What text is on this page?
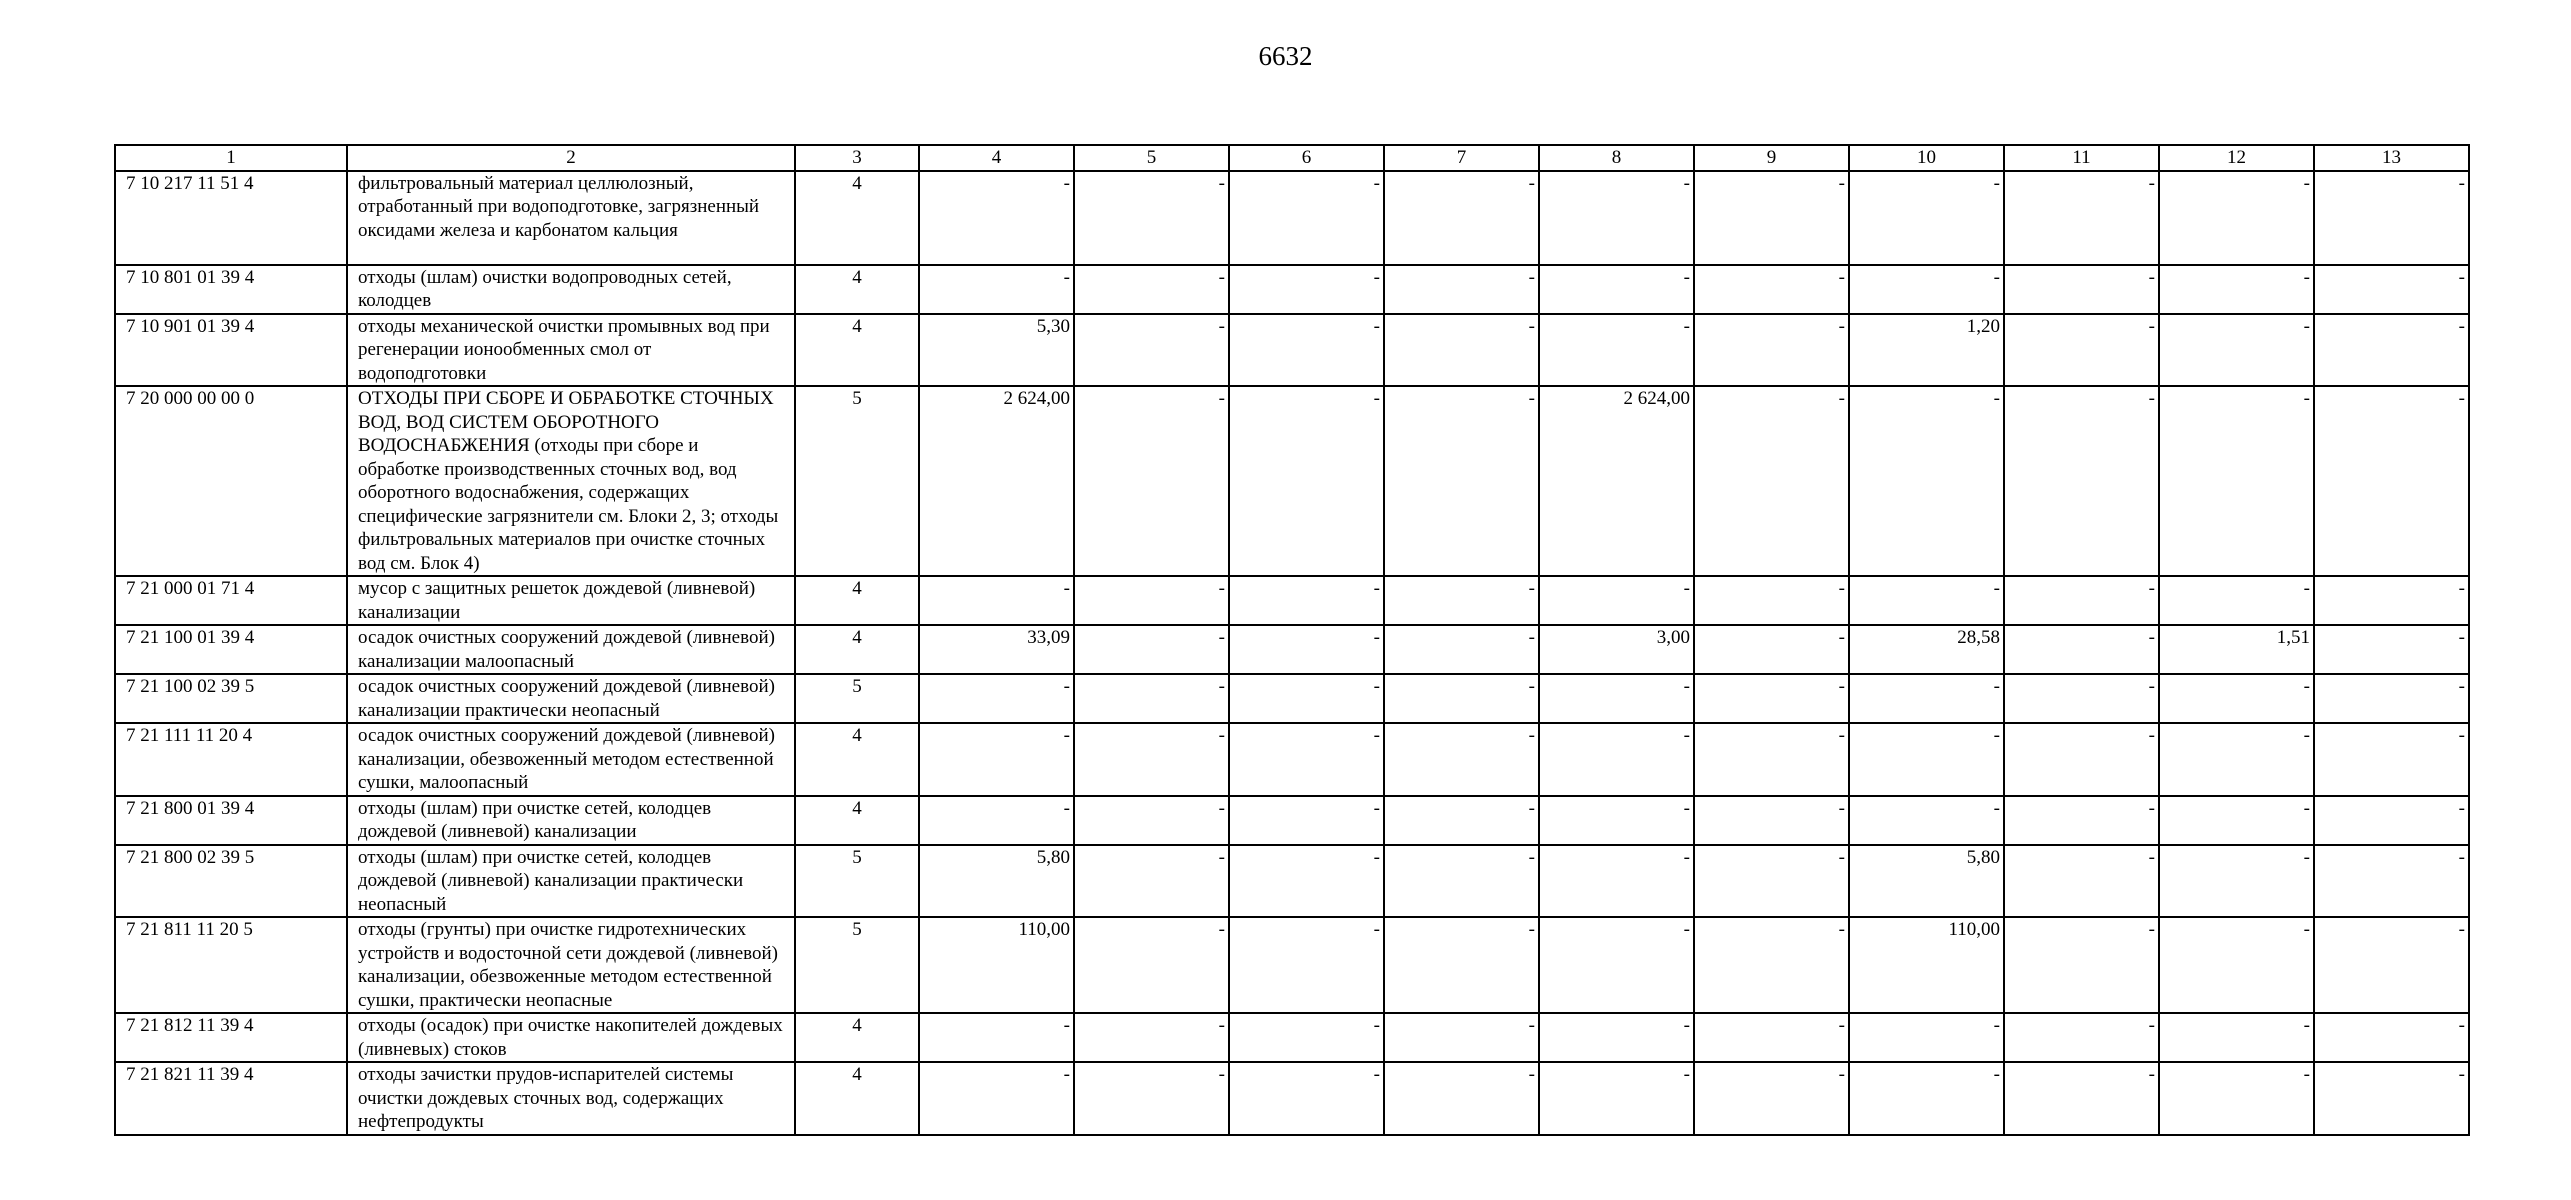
6632
1	2	3	4	5	6	7	8	9	10	11	12	13
7 10 217 11 51 4	фильтровальный материал целлюлозный, отработанный при водоподготовке, загрязненный оксидами железа и карбонатом кальция	4	-	-	-	-	-	-	-	-	-	-
7 10 801 01 39 4	отходы (шлам) очистки водопроводных сетей, колодцев	4	-	-	-	-	-	-	-	-	-	-
7 10 901 01 39 4	отходы механической очистки промывных вод при регенерации ионообменных смол от водоподготовки	4	5,30	-	-	-	-	-	1,20	-	-	-
7 20 000 00 00 0	ОТХОДЫ ПРИ СБОРЕ И ОБРАБОТКЕ СТОЧНЫХ ВОД, ВОД СИСТЕМ ОБОРОТНОГО ВОДОСНАБЖЕНИЯ (отходы при сборе и обработке производственных сточных вод, вод оборотного водоснабжения, содержащих специфические загрязнители см. Блоки 2, 3; отходы фильтровальных материалов при очистке сточных вод см. Блок 4)	5	2 624,00	-	-	-	2 624,00	-	-	-	-	-
7 21 000 01 71 4	мусор с защитных решеток дождевой (ливневой) канализации	4	-	-	-	-	-	-	-	-	-	-
7 21 100 01 39 4	осадок очистных сооружений дождевой (ливневой) канализации малоопасный	4	33,09	-	-	-	3,00	-	28,58	-	1,51	-
7 21 100 02 39 5	осадок очистных сооружений дождевой (ливневой) канализации практически неопасный	5	-	-	-	-	-	-	-	-	-	-
7 21 111 11 20 4	осадок очистных сооружений дождевой (ливневой) канализации, обезвоженный методом естественной сушки, малоопасный	4	-	-	-	-	-	-	-	-	-	-
7 21 800 01 39 4	отходы (шлам) при очистке сетей, колодцев дождевой (ливневой) канализации	4	-	-	-	-	-	-	-	-	-	-
7 21 800 02 39 5	отходы (шлам) при очистке сетей, колодцев дождевой (ливневой) канализации практически неопасный	5	5,80	-	-	-	-	-	5,80	-	-	-
7 21 811 11 20 5	отходы (грунты) при очистке гидротехнических устройств и водосточной сети дождевой (ливневой) канализации, обезвоженные методом естественной сушки, практически неопасные	5	110,00	-	-	-	-	-	110,00	-	-	-
7 21 812 11 39 4	отходы (осадок) при очистке накопителей дождевых (ливневых) стоков	4	-	-	-	-	-	-	-	-	-	-
7 21 821 11 39 4	отходы зачистки прудов-испарителей системы очистки дождевых сточных вод, содержащих нефтепродукты	4	-	-	-	-	-	-	-	-	-	-
